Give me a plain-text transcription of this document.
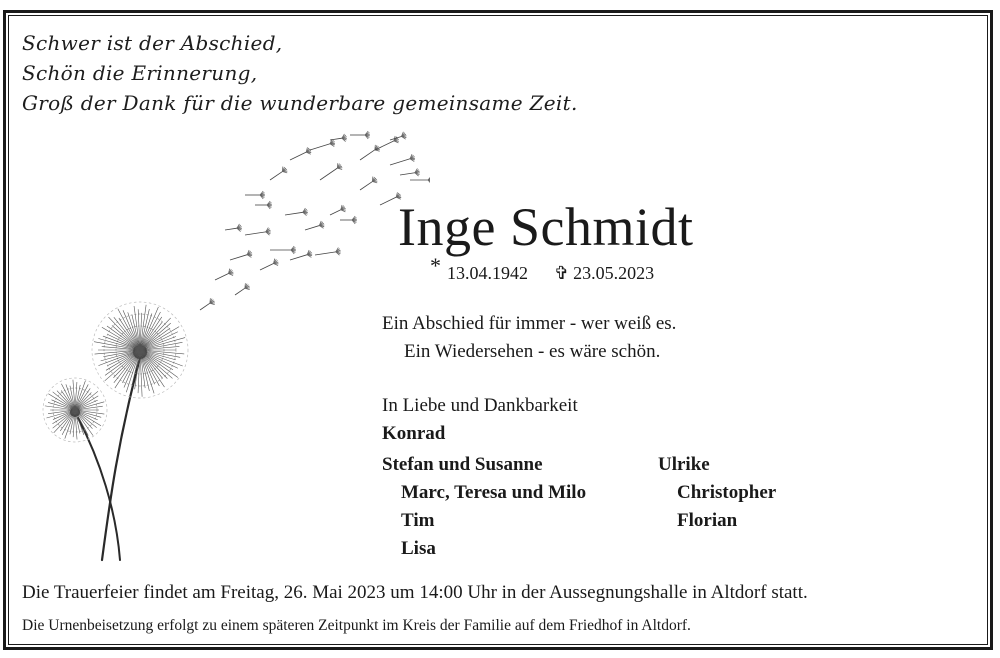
Schwer ist der Abschied,
Schön die Erinnerung,
Groß der Dank für die wunderbare gemeinsame Zeit.
Inge Schmidt
* 13.04.1942 ✞ 23.05.2023
Ein Abschied für immer - wer weiß es.
Ein Wiedersehen - es wäre schön.
In Liebe und Dankbarkeit
Konrad
Stefan und Susanne
Marc, Teresa und Milo
Tim
Lisa
Ulrike
Christopher
Florian
Die Trauerfeier findet am Freitag, 26. Mai 2023 um 14:00 Uhr in der Aussegnungshalle in Altdorf statt.
Die Urnenbeisetzung erfolgt zu einem späteren Zeitpunkt im Kreis der Familie auf dem Friedhof in Altdorf.
